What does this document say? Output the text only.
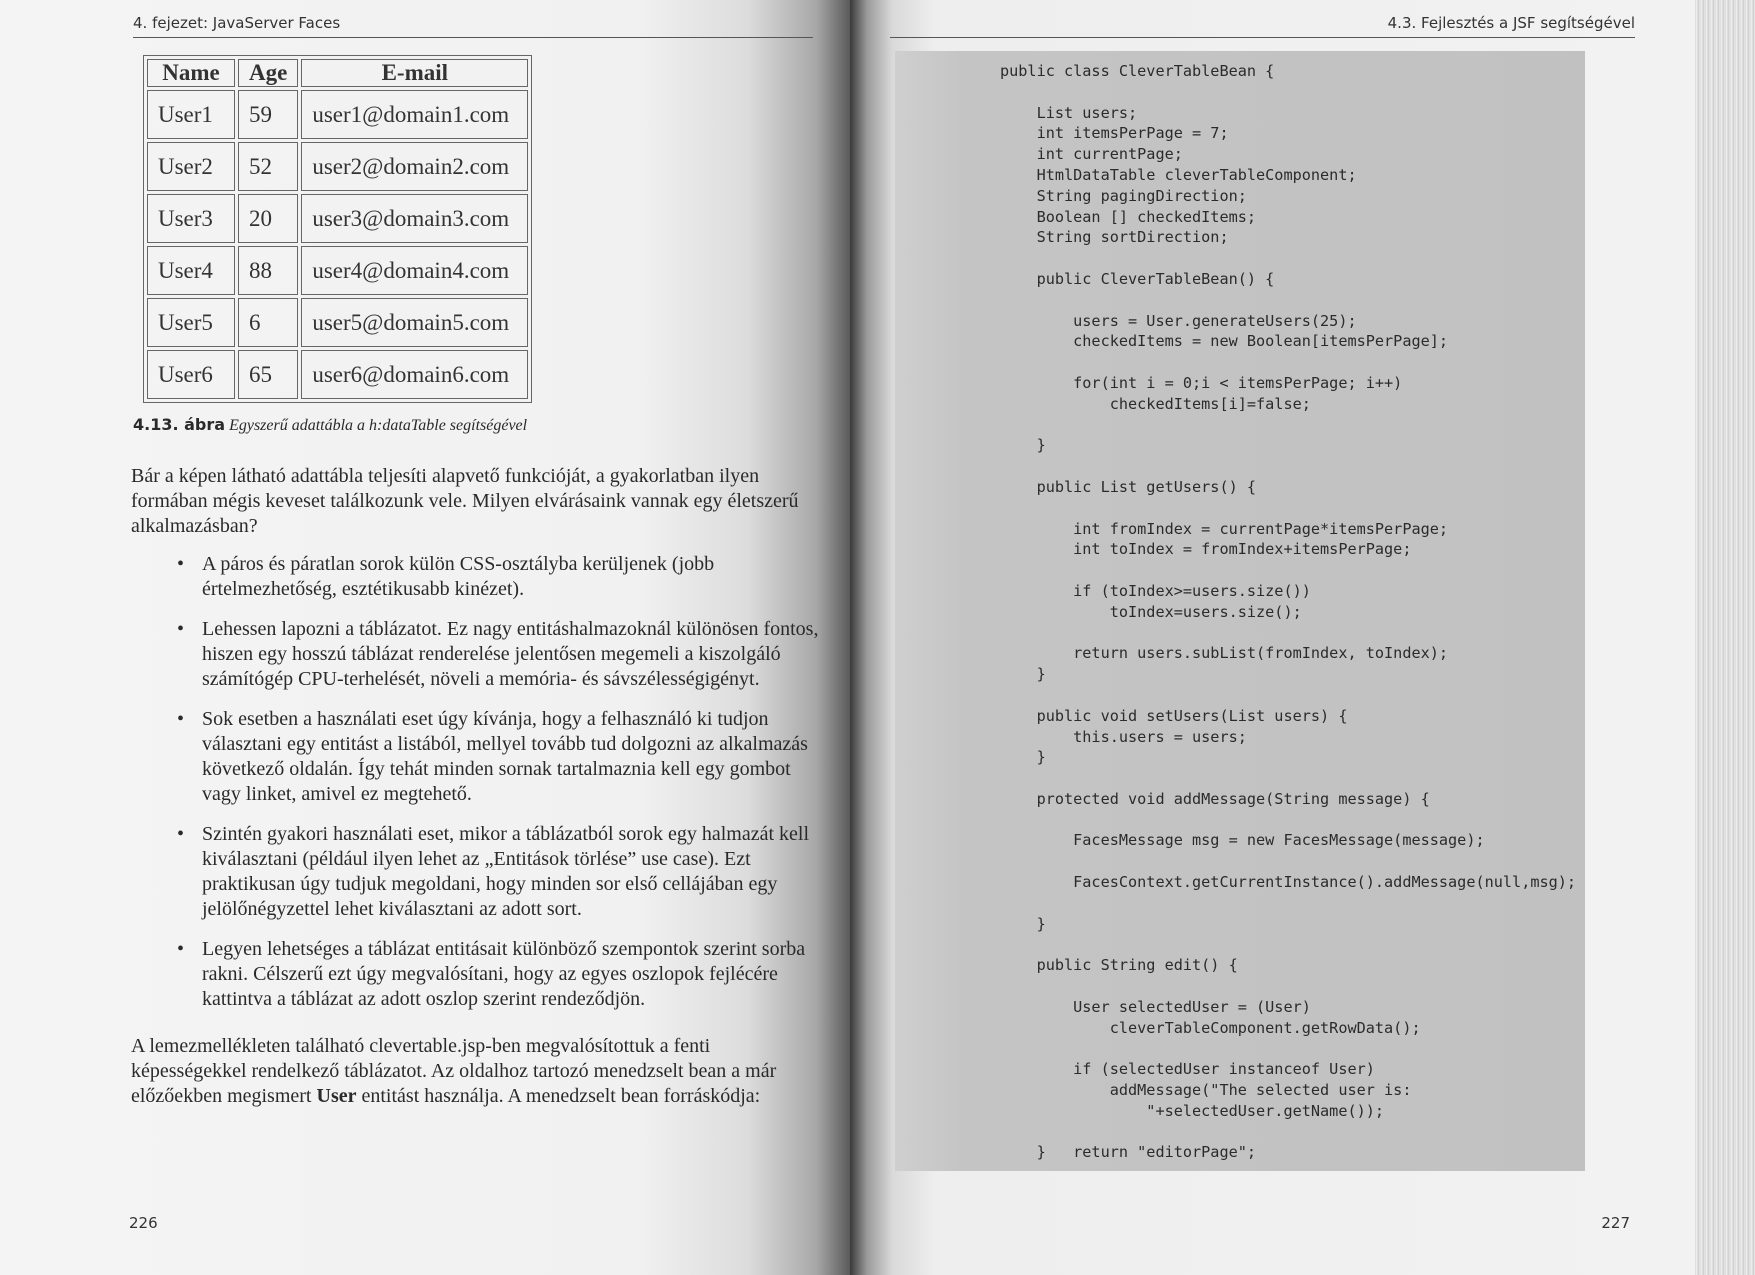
4. fejezet: JavaServer Faces
Name	Age	E-mail
User1	59	user1@domain1.com
User2	52	user2@domain2.com
User3	20	user3@domain3.com
User4	88	user4@domain4.com
User5	6	user5@domain5.com
User6	65	user6@domain6.com
4.13. ábra Egyszerű adattábla a h:dataTable segítségével

Bár a képen látható adattábla teljesíti alapvető funkcióját, a gyakorlatban ilyen formában mégis keveset találkozunk vele. Milyen elvárásaink vannak egy életszerű alkalmazásban?

• A páros és páratlan sorok külön CSS-osztályba kerüljenek (jobb értelmezhetőség, esztétikusabb kinézet).
• Lehessen lapozni a táblázatot. Ez nagy entitáshalmazoknál különösen fontos, hiszen egy hosszú táblázat renderelése jelentősen megemeli a kiszolgáló számítógép CPU-terhelését, növeli a memória- és sávszélességigényt.
• Sok esetben a használati eset úgy kívánja, hogy a felhasználó ki tudjon választani egy entitást a listából, mellyel tovább tud dolgozni az alkalmazás következő oldalán. Így tehát minden sornak tartalmaznia kell egy gombot vagy linket, amivel ez megtehető.
• Szintén gyakori használati eset, mikor a táblázatból sorok egy halmazát kell kiválasztani (például ilyen lehet az „Entitások törlése” use case). Ezt praktikusan úgy tudjuk megoldani, hogy minden sor első cellájában egy jelölőnégyzettel lehet kiválasztani az adott sort.
• Legyen lehetséges a táblázat entitásait különböző szempontok szerint sorba rakni. Célszerű ezt úgy megvalósítani, hogy az egyes oszlopok fejlécére kattintva a táblázat az adott oszlop szerint rendeződjön.

A lemezmellékleten található clevertable.jsp-ben megvalósítottuk a fenti képességekkel rendelkező táblázatot. Az oldalhoz tartozó menedzselt bean a már előzőekben megismert User entitást használja. A menedzselt bean forráskódja:

226
4.3. Fejlesztés a JSF segítségével
public class CleverTableBean {

List users;
int itemsPerPage = 7;
int currentPage;
HtmlDataTable cleverTableComponent;
String pagingDirection;
Boolean [] checkedItems;
String sortDirection;

public CleverTableBean() {

users = User.generateUsers(25);
checkedItems = new Boolean[itemsPerPage];

for(int i = 0;i < itemsPerPage; i++)
checkedItems[i]=false;

}

public List getUsers() {

int fromIndex = currentPage*itemsPerPage;
int toIndex = fromIndex+itemsPerPage;

if (toIndex>=users.size())
toIndex=users.size();

return users.subList(fromIndex, toIndex);
}

public void setUsers(List users) {
this.users = users;
}

protected void addMessage(String message) {

FacesMessage msg = new FacesMessage(message);

FacesContext.getCurrentInstance().addMessage(null,msg);

}

public String edit() {

User selectedUser = (User)
cleverTableComponent.getRowData();

if (selectedUser instanceof User)
addMessage("The selected user is:
"+selectedUser.getName());

}   return "editorPage";
227
